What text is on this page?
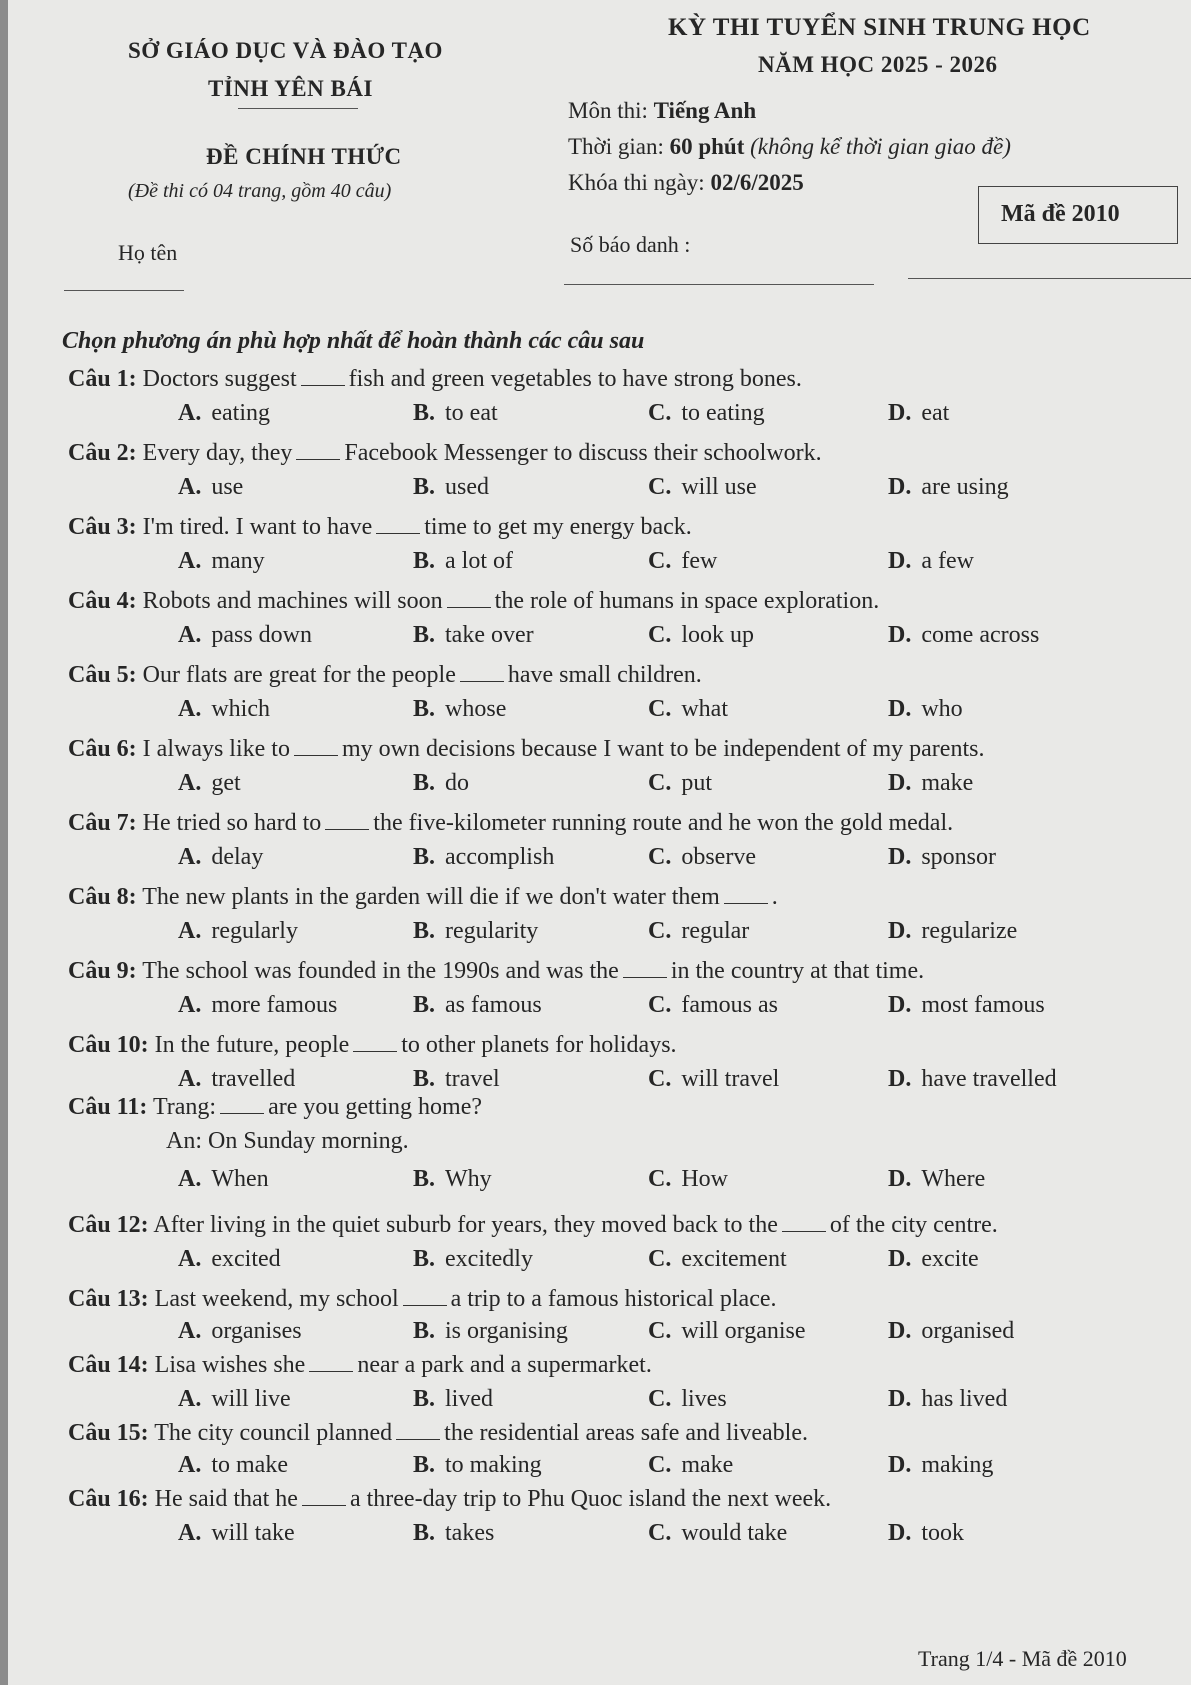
SỞ GIÁO DỤC VÀ ĐÀO TẠO
TỈNH YÊN BÁI
ĐỀ CHÍNH THỨC
(Đề thi có 04 trang, gồm 40 câu)
KỲ THI TUYỂN SINH TRUNG HỌC
NĂM HỌC 2025 - 2026
Môn thi: Tiếng Anh
Thời gian: 60 phút (không kể thời gian giao đề)
Khóa thi ngày: 02/6/2025
Mã đề 2010
Họ tên	Số báo danh :
Chọn phương án phù hợp nhất để hoàn thành các câu sau
Câu 1: Doctors suggest fish and green vegetables to have strong bones.
A. eating	B. to eat	C. to eating	D. eat
Câu 2: Every day, they Facebook Messenger to discuss their schoolwork.
A. use	B. used	C. will use	D. are using
Câu 3: I'm tired. I want to have time to get my energy back.
A. many	B. a lot of	C. few	D. a few
Câu 4: Robots and machines will soon the role of humans in space exploration.
A. pass down	B. take over	C. look up	D. come across
Câu 5: Our flats are great for the people have small children.
A. which	B. whose	C. what	D. who
Câu 6: I always like to my own decisions because I want to be independent of my parents.
A. get	B. do	C. put	D. make
Câu 7: He tried so hard to the five-kilometer running route and he won the gold medal.
A. delay	B. accomplish	C. observe	D. sponsor
Câu 8: The new plants in the garden will die if we don't water them .
A. regularly	B. regularity	C. regular	D. regularize
Câu 9: The school was founded in the 1990s and was the in the country at that time.
A. more famous	B. as famous	C. famous as	D. most famous
Câu 10: In the future, people to other planets for holidays.
A. travelled	B. travel	C. will travel	D. have travelled
Câu 11: Trang: are you getting home?
An: On Sunday morning.
A. When	B. Why	C. How	D. Where
Câu 12: After living in the quiet suburb for years, they moved back to the of the city centre.
A. excited	B. excitedly	C. excitement	D. excite
Câu 13: Last weekend, my school a trip to a famous historical place.
A. organises	B. is organising	C. will organise	D. organised
Câu 14: Lisa wishes she near a park and a supermarket.
A. will live	B. lived	C. lives	D. has lived
Câu 15: The city council planned the residential areas safe and liveable.
A. to make	B. to making	C. make	D. making
Câu 16: He said that he a three-day trip to Phu Quoc island the next week.
A. will take	B. takes	C. would take	D. took
Trang 1/4 - Mã đề 2010
